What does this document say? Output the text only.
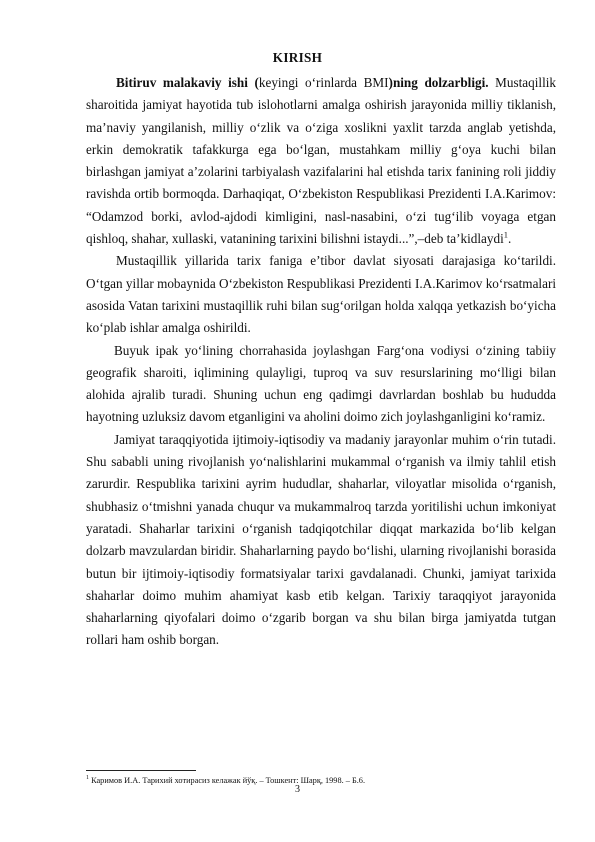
KIRISH

Bitiruv malakaviy ishi (keyingi o‘rinlarda BMI)ning dolzarbligi. Mustaqillik sharoitida jamiyat hayotida tub islohotlarni amalga oshirish jarayonida milliy tiklanish, ma’naviy yangilanish, milliy o‘zlik va o‘ziga xoslikni yaxlit tarzda anglab yetishda, erkin demokratik tafakkurga ega bo‘lgan, mustahkam milliy g‘oya kuchi bilan birlashgan jamiyat a’zolarini tarbiyalash vazifalarini hal etishda tarix fanining roli jiddiy ravishda ortib bormoqda. Darhaqiqat, O‘zbekiston Respublikasi Prezidenti I.A.Karimov: “Odamzod borki, avlod-ajdodi kimligini, nasl-nasabini, o‘zi tug‘ilib voyaga etgan qishloq, shahar, xullaski, vatanining tarixini bilishni istaydi...”,–deb ta’kidlaydi$^1$.

Mustaqillik yillarida tarix faniga e’tibor davlat siyosati darajasiga ko‘tarildi. O‘tgan yillar mobaynida O‘zbekiston Respublikasi Prezidenti I.A.Karimov ko‘rsatmalari asosida Vatan tarixini mustaqillik ruhi bilan sug‘orilgan holda xalqqa yetkazish bo‘yicha ko‘plab ishlar amalga oshirildi.

Buyuk ipak yo‘lining chorrahasida joylashgan Farg‘ona vodiysi o‘zining tabiiy geografik sharoiti, iqlimining qulayligi, tuproq va suv resurslarining mo‘lligi bilan alohida ajralib turadi. Shuning uchun eng qadimgi davrlardan boshlab bu hududda hayotning uzluksiz davom etganligini va aholini doimo zich joylashganligini ko‘ramiz.

Jamiyat taraqqiyotida ijtimoiy-iqtisodiy va madaniy jarayonlar muhim o‘rin tutadi. Shu sababli uning rivojlanish yo‘nalishlarini mukammal o‘rganish va ilmiy tahlil etish zarurdir. Respublika tarixini ayrim hududlar, shaharlar, viloyatlar misolida o‘rganish, shubhasiz o‘tmishni yanada chuqur va mukammalroq tarzda yoritilishi uchun imkoniyat yaratadi. Shaharlar tarixini o‘rganish tadqiqotchilar diqqat markazida bo‘lib kelgan dolzarb mavzulardan biridir. Shaharlarning paydo bo‘lishi, ularning rivojlanishi borasida butun bir ijtimoiy-iqtisodiy formatsiyalar tarixi gavdalanadi. Chunki, jamiyat tarixida shaharlar doimo muhim ahamiyat kasb etib kelgan. Tarixiy taraqqiyot jarayonida shaharlarning qiyofalari doimo o‘zgarib borgan va shu bilan birga jamiyatda tutgan rollari ham oshib borgan.

$^1$ Каримов И.А. Тарихий хотирасиз келажак йўқ. – Тошкент: Шарқ, 1998. – Б.6.
3
